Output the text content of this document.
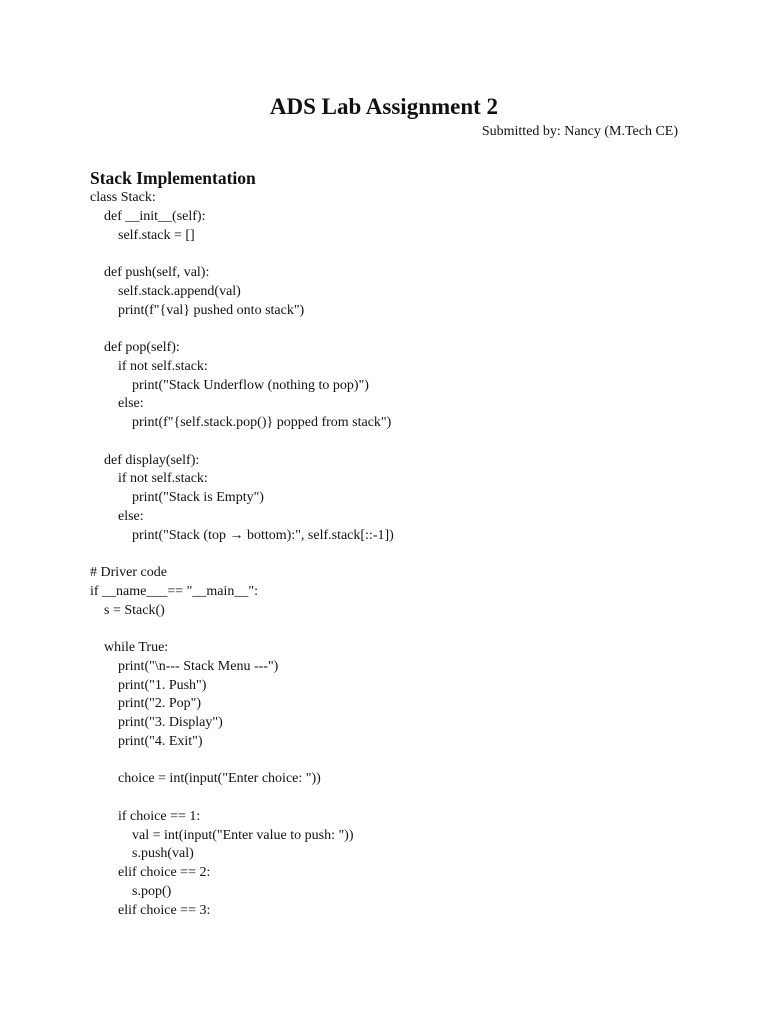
ADS Lab Assignment 2

Submitted by: Nancy (M.Tech CE)

Stack Implementation
class Stack:
def __init__(self):
self.stack = []
def push(self, val):
self.stack.append(val)
print(f"{val} pushed onto stack")
def pop(self):
if not self.stack:
print("Stack Underflow (nothing to pop)")
else:
print(f"{self.stack.pop()} popped from stack")
def display(self):
if not self.stack:
print("Stack is Empty")
else:
print("Stack (top → bottom):", self.stack[::-1])
# Driver code
if __name___== "__main__":
s = Stack()
while True:
print("\n--- Stack Menu ---")
print("1. Push")
print("2. Pop")
print("3. Display")
print("4. Exit")
choice = int(input("Enter choice: "))
if choice == 1:
val = int(input("Enter value to push: "))
s.push(val)
elif choice == 2:
s.pop()
elif choice == 3:
